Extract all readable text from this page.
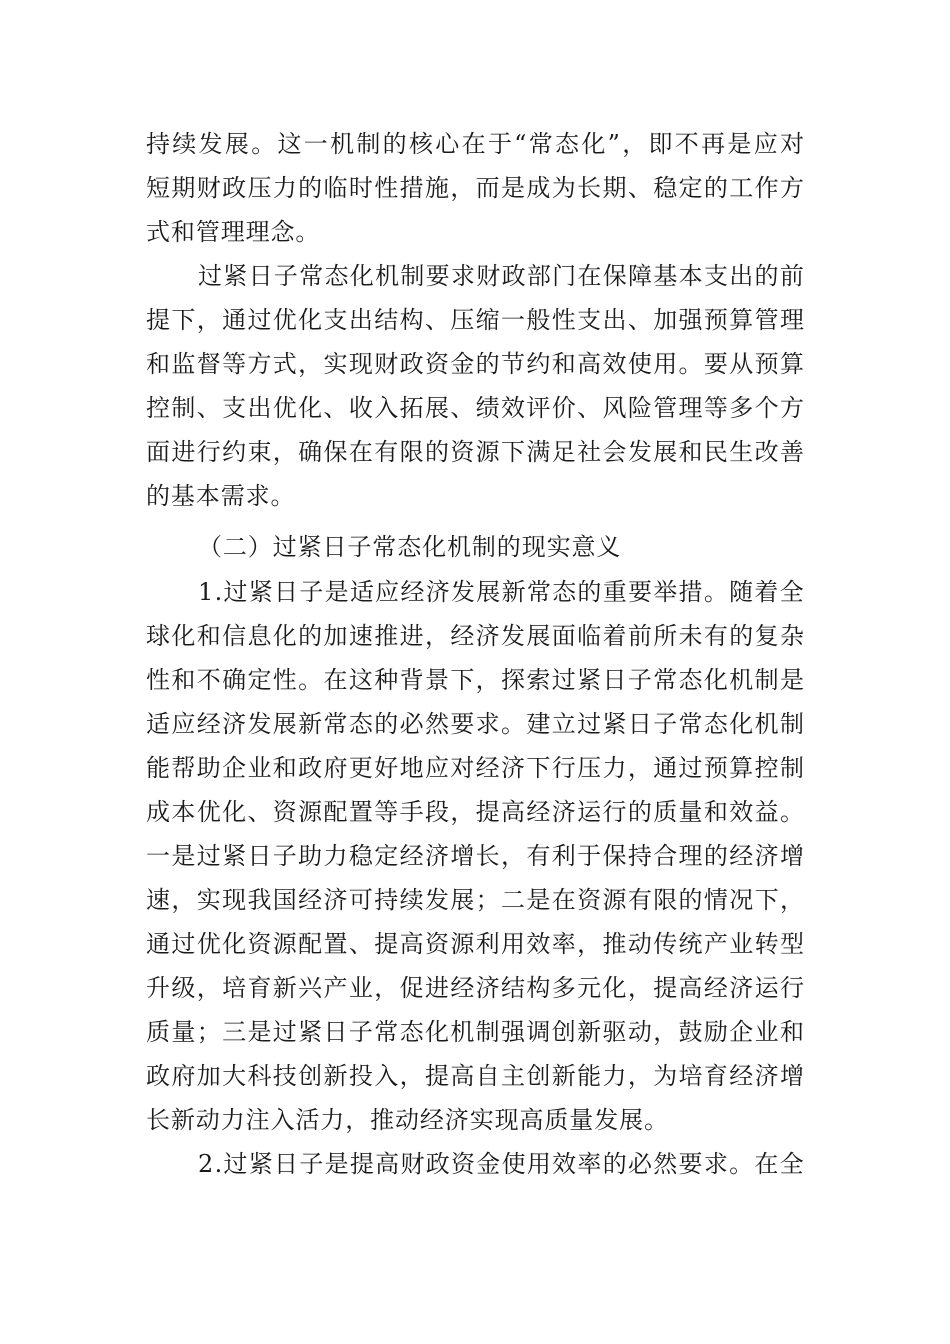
持 续 发 展 。 这 一 机 制 的 核 心 在 于 “ 常 态 化 ” ， 即 不 再 是 应 对
短 期 财 政 压 力 的 临 时 性 措 施 ， 而 是 成 为 长 期 、 稳 定 的 工 作 方
式和管理理念。
过 紧 日 子 常 态 化 机 制 要 求 财 政 部 门 在 保 障 基 本 支 出 的 前
提 下 ， 通 过 优 化 支 出 结 构 、 压 缩 一 般 性 支 出 、 加 强 预 算 管 理
和 监 督 等 方 式 ， 实 现 财 政 资 金 的 节 约 和 高 效 使 用 。 要 从 预 算
控 制 、 支 出 优 化 、 收 入 拓 展 、 绩 效 评 价 、 风 险 管 理 等 多 个 方
面 进 行 约 束 ， 确 保 在 有 限 的 资 源 下 满 足 社 会 发 展 和 民 生 改 善
的基本需求。
（二）过紧日子常态化机制的现实意义
1 . 过 紧 日 子 是 适 应 经 济 发 展 新 常 态 的 重 要 举 措 。 随 着 全
球 化 和 信 息 化 的 加 速 推 进 ， 经 济 发 展 面 临 着 前 所 未 有 的 复 杂
性 和 不 确 定 性 。 在 这 种 背 景 下 ， 探 索 过 紧 日 子 常 态 化 机 制 是
适 应 经 济 发 展 新 常 态 的 必 然 要 求 。 建 立 过 紧 日 子 常 态 化 机 制
能 帮 助 企 业 和 政 府 更 好 地 应 对 经 济 下 行 压 力 ， 通 过 预 算 控 制
成 本 优 化 、 资 源 配 置 等 手 段 ， 提 高 经 济 运 行 的 质 量 和 效 益 。
一 是 过 紧 日 子 助 力 稳 定 经 济 增 长 ， 有 利 于 保 持 合 理 的 经 济 增
速 ， 实 现 我 国 经 济 可 持 续 发 展 ； 二 是 在 资 源 有 限 的 情 况 下 ，
通 过 优 化 资 源 配 置 、 提 高 资 源 利 用 效 率 ， 推 动 传 统 产 业 转 型
升 级 ， 培 育 新 兴 产 业 ， 促 进 经 济 结 构 多 元 化 ， 提 高 经 济 运 行
质 量 ； 三 是 过 紧 日 子 常 态 化 机 制 强 调 创 新 驱 动 ， 鼓 励 企 业 和
政 府 加 大 科 技 创 新 投 入 ， 提 高 自 主 创 新 能 力 ， 为 培 育 经 济 增
长新动力注入活力，推动经济实现高质量发展。
2 . 过 紧 日 子 是 提 高 财 政 资 金 使 用 效 率 的 必 然 要 求 。 在 全
